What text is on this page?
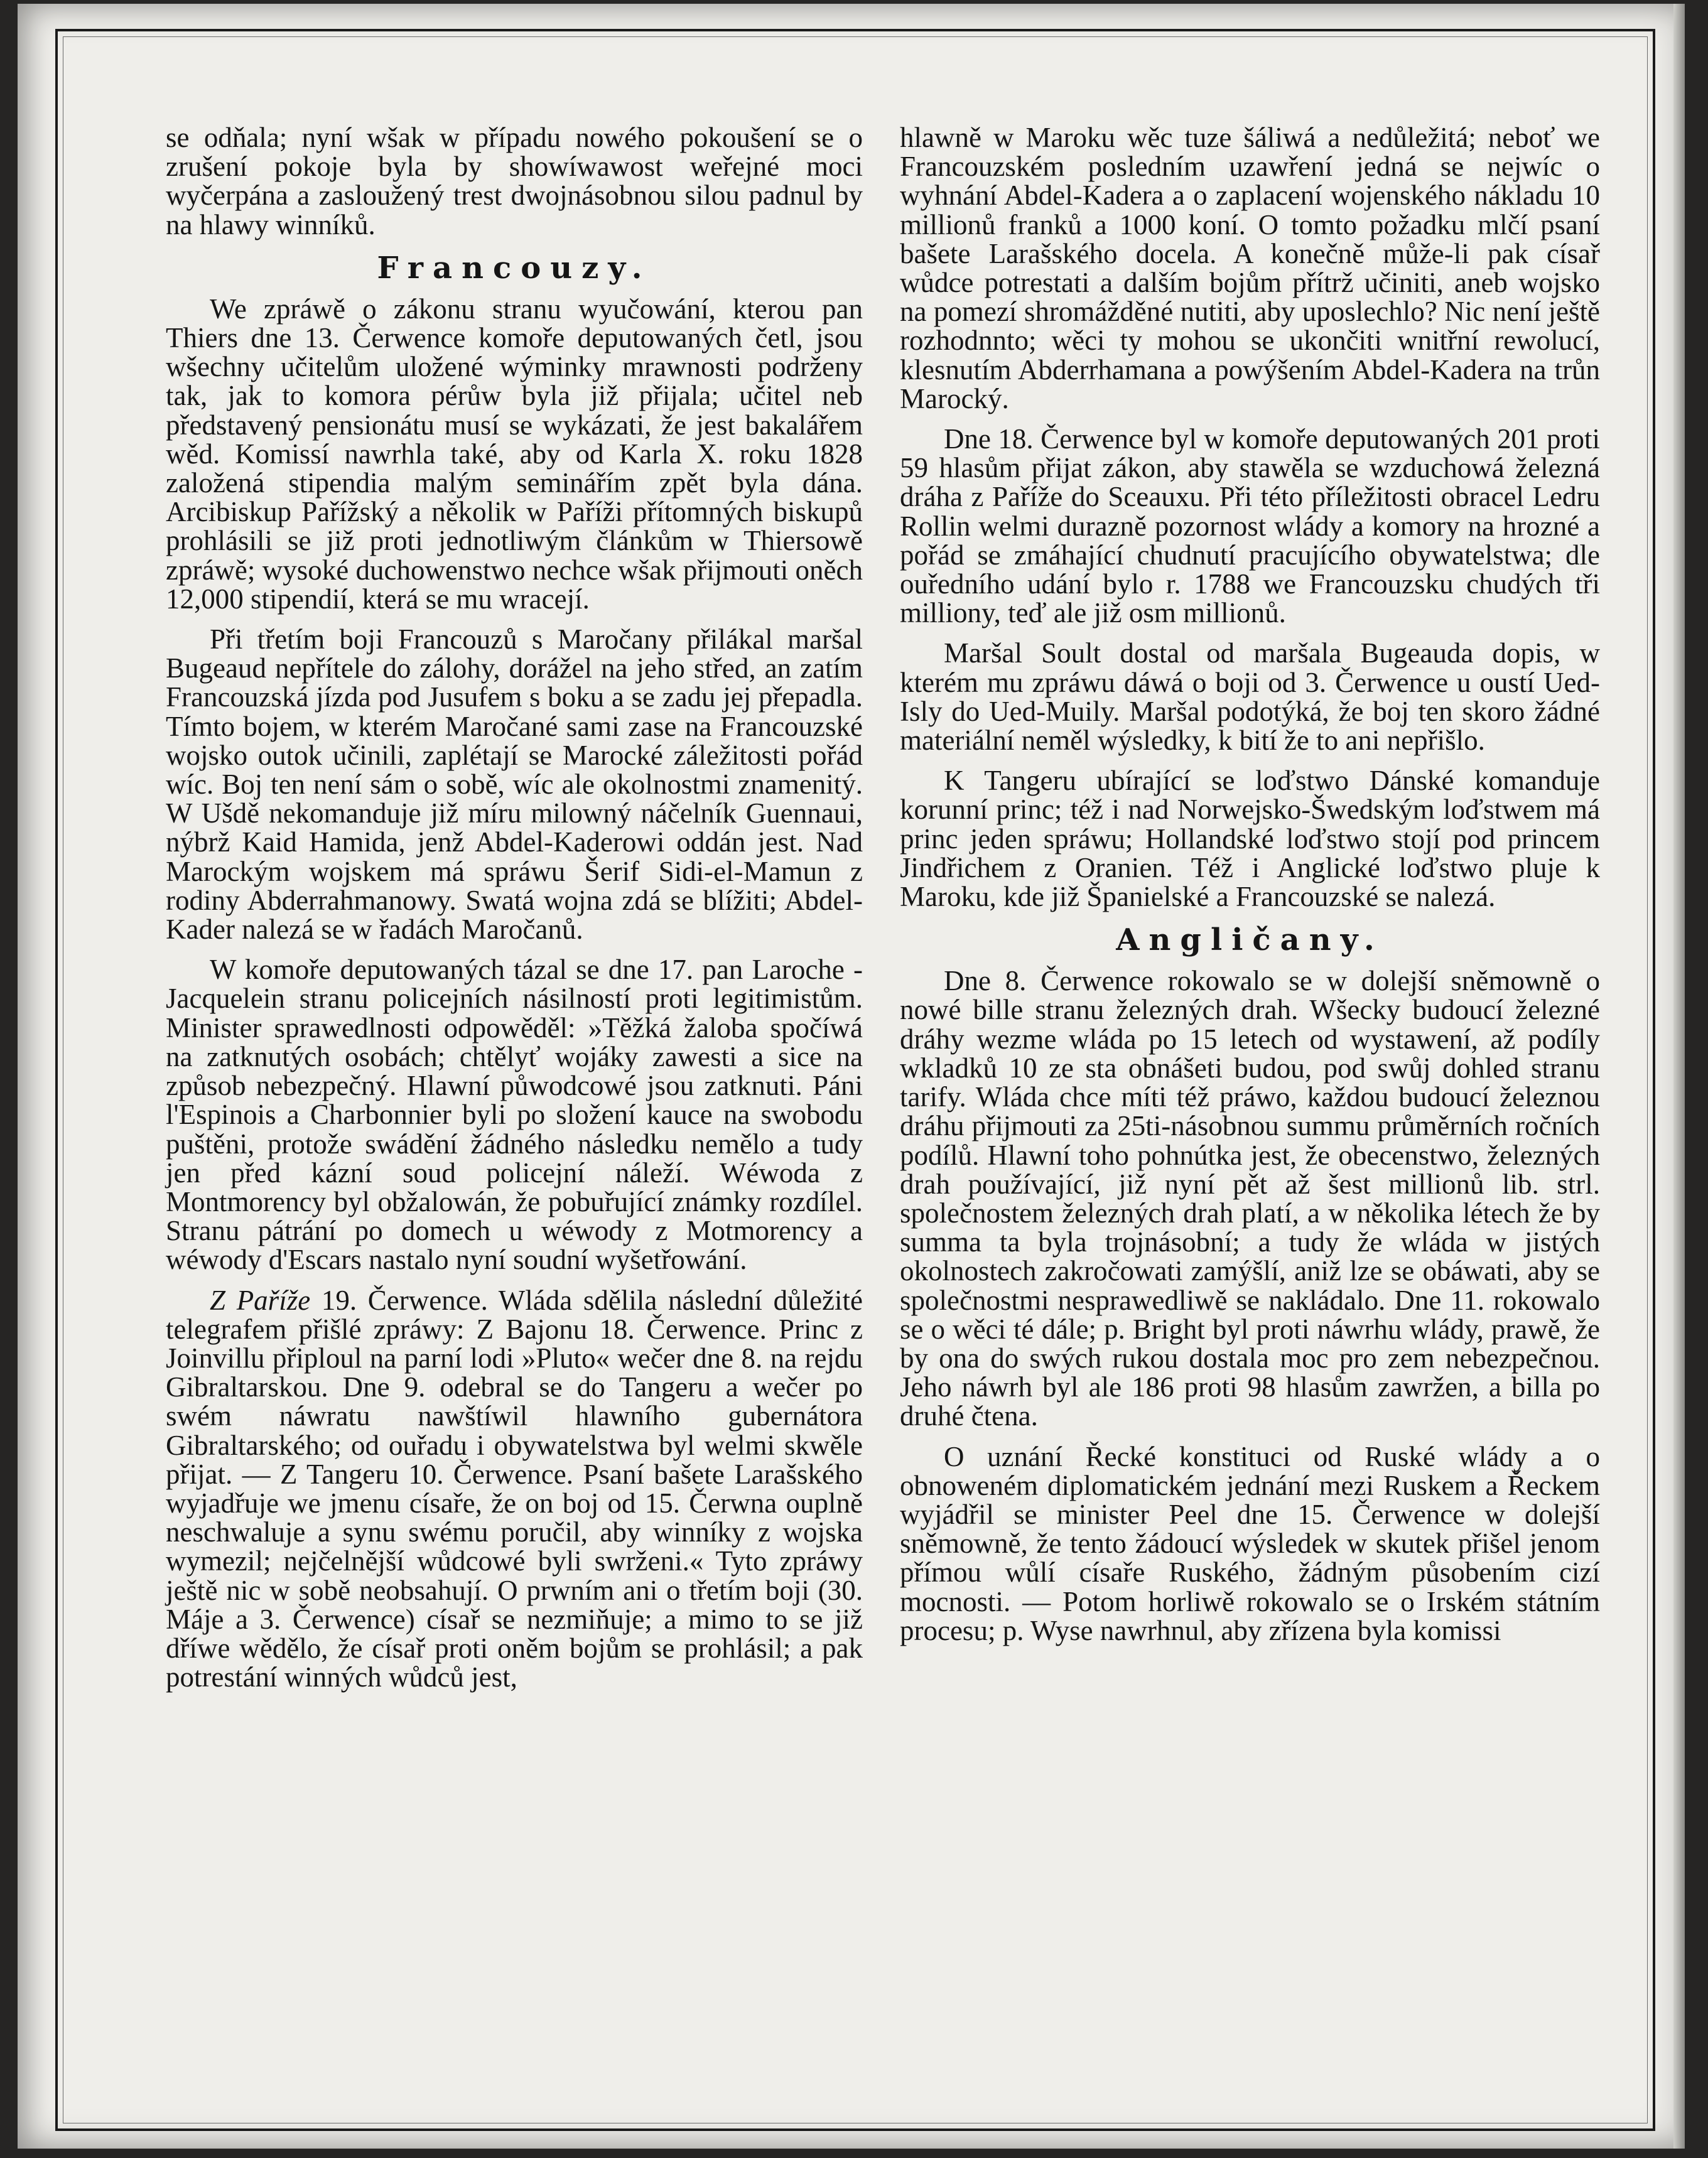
se odňala; nyní wšak w případu nowého pokoušení se o zrušení pokoje byla by showíwawost weřejné moci wyčerpána a zasloužený trest dwojnásobnou silou padnul by na hlawy winníků.

Francouzy.

We zpráwě o zákonu stranu wyučowání, kterou pan Thiers dne 13. Čerwence komoře deputowaných četl, jsou wšechny učitelům uložené wýminky mrawnosti podrženy tak, jak to komora pérůw byla již přijala; učitel neb představený pensionátu musí se wykázati, že jest bakalářem wěd. Komissí nawrhla také, aby od Karla X. roku 1828 založená stipendia malým seminářím zpět byla dána. Arcibiskup Pařížský a několik w Paříži přítomných biskupů prohlásili se již proti jednotliwým článkům w Thiersowě zpráwě; wysoké duchowenstwo nechce wšak přijmouti oněch 12,000 stipendií, která se mu wracejí.

Při třetím boji Francouzů s Maročany přilákal maršal Bugeaud nepřítele do zálohy, dorážel na jeho střed, an zatím Francouzská jízda pod Jusufem s boku a se zadu jej přepadla. Tímto bojem, w kterém Maročané sami zase na Francouzské wojsko outok učinili, zaplétají se Marocké záležitosti pořád wíc. Boj ten není sám o sobě, wíc ale okolnostmi znamenitý. W Ušdě nekomanduje již míru milowný náčelník Guennaui, nýbrž Kaid Hamida, jenž Abdel-Kaderowi oddán jest. Nad Marockým wojskem má spráwu Šerif Sidi-el-Mamun z rodiny Abderrahmanowy. Swatá wojna zdá se blížiti; Abdel-Kader nalezá se w řadách Maročanů.

W komoře deputowaných tázal se dne 17. pan Laroche - Jacquelein stranu policejních násilností proti legitimistům. Minister sprawedlnosti odpowěděl: »Těžká žaloba spočíwá na zatknutých osobách; chtělyť wojáky zawesti a sice na způsob nebezpečný. Hlawní půwodcowé jsou zatknuti. Páni l'Espinois a Charbonnier byli po složení kauce na swobodu puštěni, protože swádění žádného následku nemělo a tudy jen před kázní soud policejní náleží. Wéwoda z Montmorency byl obžalowán, že pobuřující známky rozdílel. Stranu pátrání po domech u wéwody z Motmorency a wéwody d'Escars nastalo nyní soudní wyšetřowání.

Z Paříže 19. Čerwence. Wláda sdělila následní důležité telegrafem přišlé zpráwy: Z Bajonu 18. Čerwence. Princ z Joinvillu připloul na parní lodi »Pluto« wečer dne 8. na rejdu Gibraltarskou. Dne 9. odebral se do Tangeru a wečer po swém náwratu nawštíwil hlawního gubernátora Gibraltarského; od ouřadu i obywatelstwa byl welmi skwěle přijat. — Z Tangeru 10. Čerwence. Psaní bašete Larašského wyjadřuje we jmenu císaře, že on boj od 15. Čerwna ouplně neschwaluje a synu swému poručil, aby winníky z wojska wymezil; nejčelnější wůdcowé byli swrženi.« Tyto zpráwy ještě nic w sobě neobsahují. O prwním ani o třetím boji (30. Máje a 3. Čerwence) císař se nezmiňuje; a mimo to se již dříwe wědělo, že císař proti oněm bojům se prohlásil; a pak potrestání winných wůdců jest,

hlawně w Maroku wěc tuze šáliwá a nedůležitá; neboť we Francouzském posledním uzawření jedná se nejwíc o wyhnání Abdel-Kadera a o zaplacení wojenského nákladu 10 millionů franků a 1000 koní. O tomto požadku mlčí psaní bašete Larašského docela. A konečně může-li pak císař wůdce potrestati a dalším bojům přítrž učiniti, aneb wojsko na pomezí shromážděné nutiti, aby uposlechlo? Nic není ještě rozhodnnto; wěci ty mohou se ukončiti wnitřní rewolucí, klesnutím Abderrhamana a powýšením Abdel-Kadera na trůn Marocký.

Dne 18. Čerwence byl w komoře deputowaných 201 proti 59 hlasům přijat zákon, aby stawěla se wzduchowá železná dráha z Paříže do Sceauxu. Při této příležitosti obracel Ledru Rollin welmi durazně pozornost wlády a komory na hrozné a pořád se zmáhající chudnutí pracujícího obywatelstwa; dle ouředního udání bylo r. 1788 we Francouzsku chudých tři milliony, teď ale již osm millionů.

Maršal Soult dostal od maršala Bugeauda dopis, w kterém mu zpráwu dáwá o boji od 3. Čerwence u oustí Ued-Isly do Ued-Muily. Maršal podotýká, že boj ten skoro žádné materiální neměl wýsledky, k bití že to ani nepřišlo.

K Tangeru ubírající se loďstwo Dánské komanduje korunní princ; též i nad Norwejsko-Šwedským loďstwem má princ jeden spráwu; Hollandské loďstwo stojí pod princem Jindřichem z Oranien. Též i Anglické loďstwo pluje k Maroku, kde již Španielské a Francouzské se nalezá.

Angličany.

Dne 8. Čerwence rokowalo se w dolejší sněmowně o nowé bille stranu železných drah. Wšecky budoucí železné dráhy wezme wláda po 15 letech od wystawení, až podíly wkladků 10 ze sta obnášeti budou, pod swůj dohled stranu tarify. Wláda chce míti též práwo, každou budoucí železnou dráhu přijmouti za 25ti-násobnou summu průměrních ročních podílů. Hlawní toho pohnútka jest, že obecenstwo, železných drah používající, již nyní pět až šest millionů lib. strl. společnostem železných drah platí, a w několika létech že by summa ta byla trojnásobní; a tudy že wláda w jistých okolnostech zakročowati zamýšlí, aniž lze se obáwati, aby se společnostmi nesprawedliwě se nakládalo. Dne 11. rokowalo se o wěci té dále; p. Bright byl proti náwrhu wlády, prawě, že by ona do swých rukou dostala moc pro zem nebezpečnou. Jeho náwrh byl ale 186 proti 98 hlasům zawržen, a billa po druhé čtena.

O uznání Řecké konstituci od Ruské wlády a o obnoweném diplomatickém jednání mezi Ruskem a Řeckem wyjádřil se minister Peel dne 15. Čerwence w dolejší sněmowně, že tento žádoucí wýsledek w skutek přišel jenom přímou wůlí císaře Ruského, žádným působením cizí mocnosti. — Potom horliwě rokowalo se o Irském státním procesu; p. Wyse nawrhnul, aby zřízena byla komissi
